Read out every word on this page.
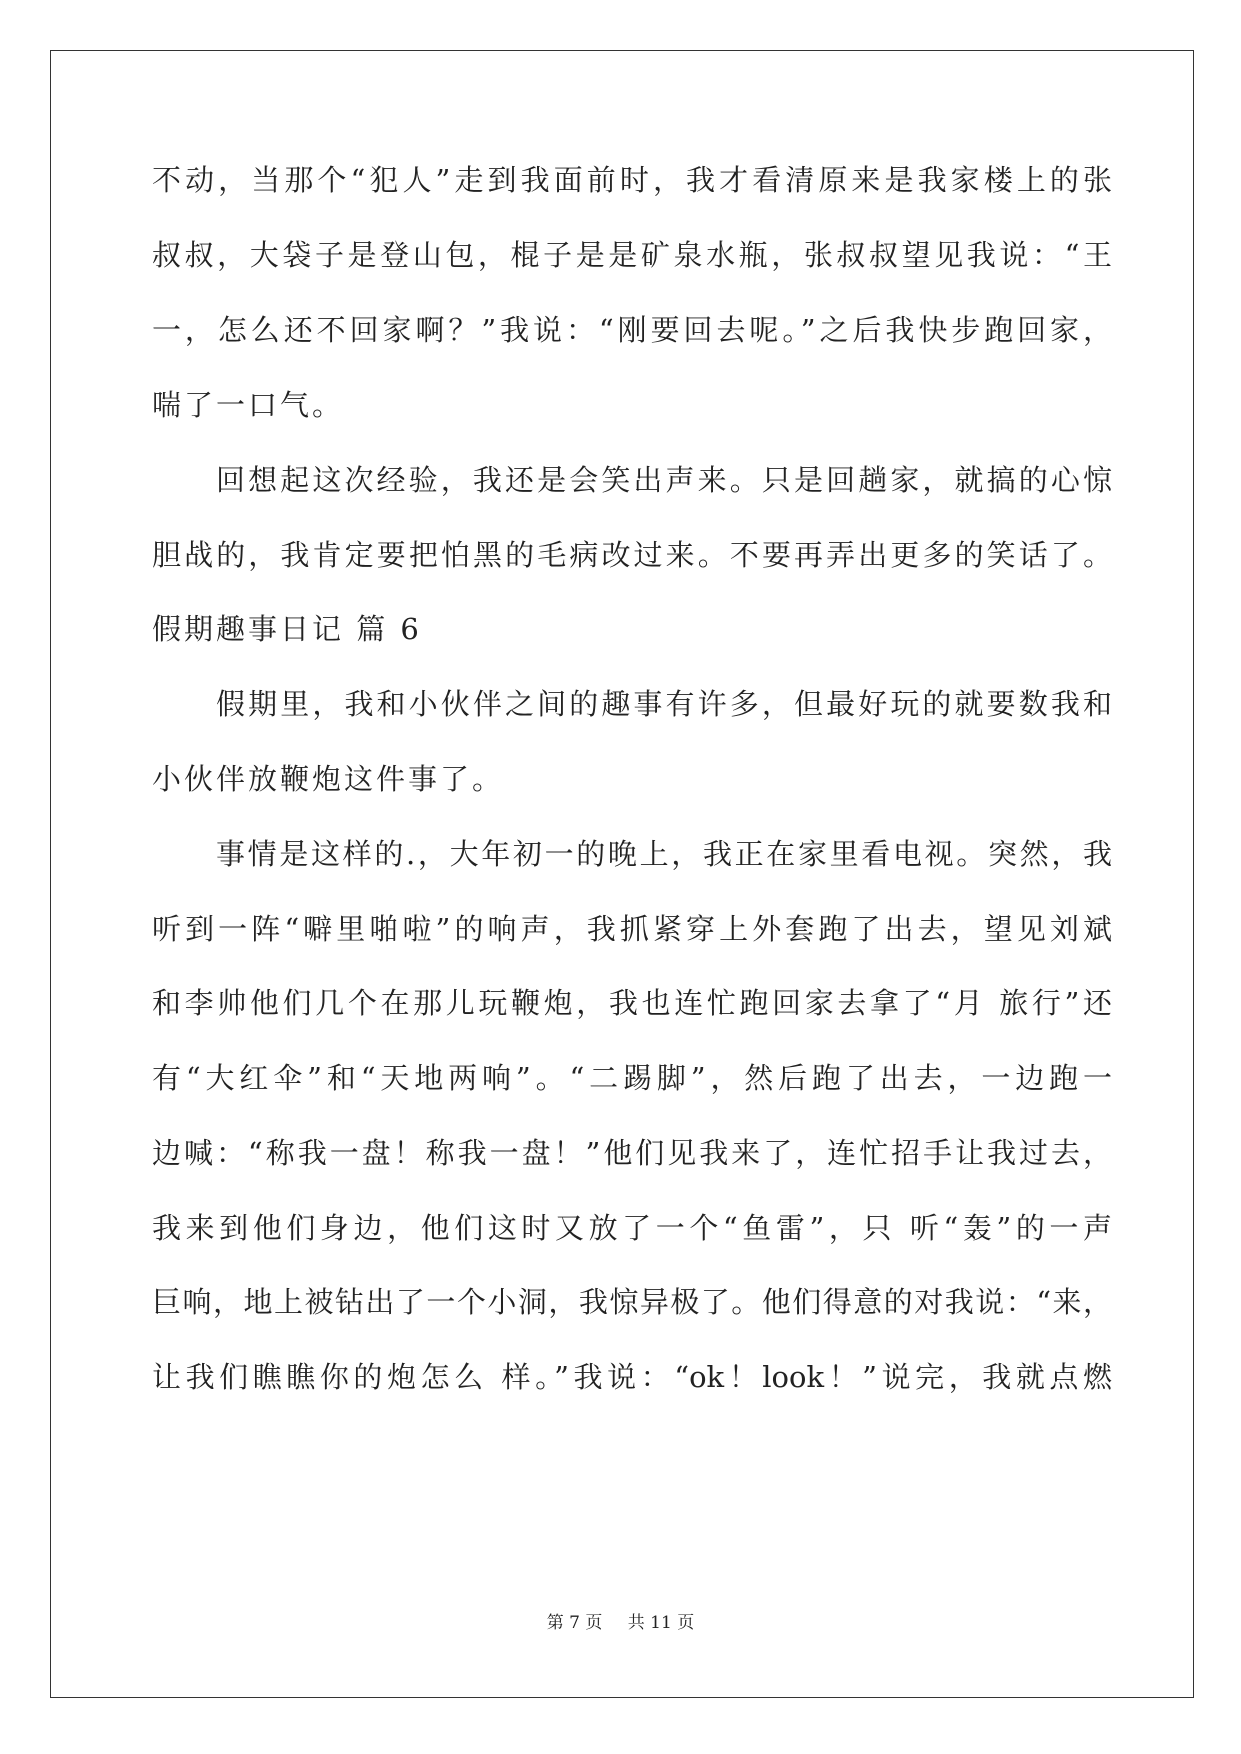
不动，当那个“犯人”走到我面前时，我才看清原来是我家楼上的张
叔叔，大袋子是登山包，棍子是是矿泉水瓶，张叔叔望见我说：“王
一，怎么还不回家啊？”我说：“刚要回去呢。”之后我快步跑回家，
喘了一口气。
回想起这次经验，我还是会笑出声来。只是回趟家，就搞的心惊
胆战的，我肯定要把怕黑的毛病改过来。不要再弄出更多的笑话了。
假期趣事日记 篇 6
假期里，我和小伙伴之间的趣事有许多，但最好玩的就要数我和
小伙伴放鞭炮这件事了。
事情是这样的.，大年初一的晚上，我正在家里看电视。突然，我
听到一阵“噼里啪啦”的响声，我抓紧穿上外套跑了出去，望见刘斌
和李帅他们几个在那儿玩鞭炮，我也连忙跑回家去拿了“月 旅行”还
有“大红伞”和“天地两响”。“二踢脚”，然后跑了出去，一边跑一
边喊：“称我一盘！称我一盘！”他们见我来了，连忙招手让我过去，
我来到他们身边，他们这时又放了一个“鱼雷”，只 听“轰”的一声
巨响，地上被钻出了一个小洞，我惊异极了。他们得意的对我说：“来，
让我们瞧瞧你的炮怎么 样。”我说：“ok！look！”说完，我就点燃
第 7 页 共 11 页
